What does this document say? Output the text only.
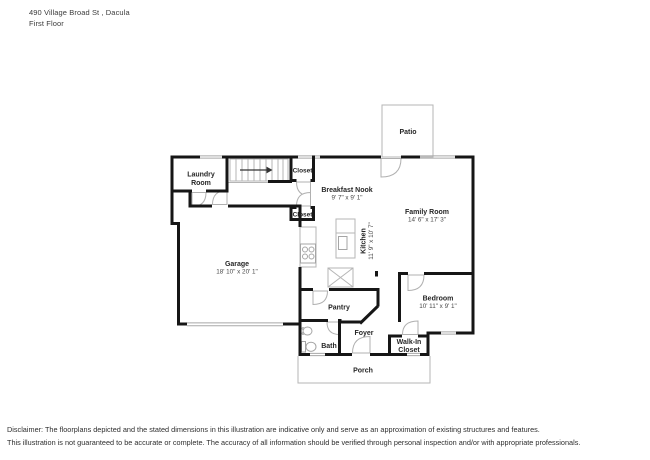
490 Village Broad St , Dacula
First Floor
Patio
Laundry
Room
Closet
Closet
Breakfast Nook
9' 7" x 9' 1"
Family Room
14' 6" x 17' 3"
Kitchen 11' 9" x 10' 7"
Garage
18' 10" x 20' 1"
Bedroom
10' 11" x 9' 1"
Pantry
Bath
Foyer
Walk-In
Closet
Porch
Disclaimer: The floorplans depicted and the stated dimensions in this illustration are indicative only and serve as an approximation of existing structures and features.
This illustration is not guaranteed to be accurate or complete. The accuracy of all information should be verified through personal inspection and/or with appropriate professionals.
